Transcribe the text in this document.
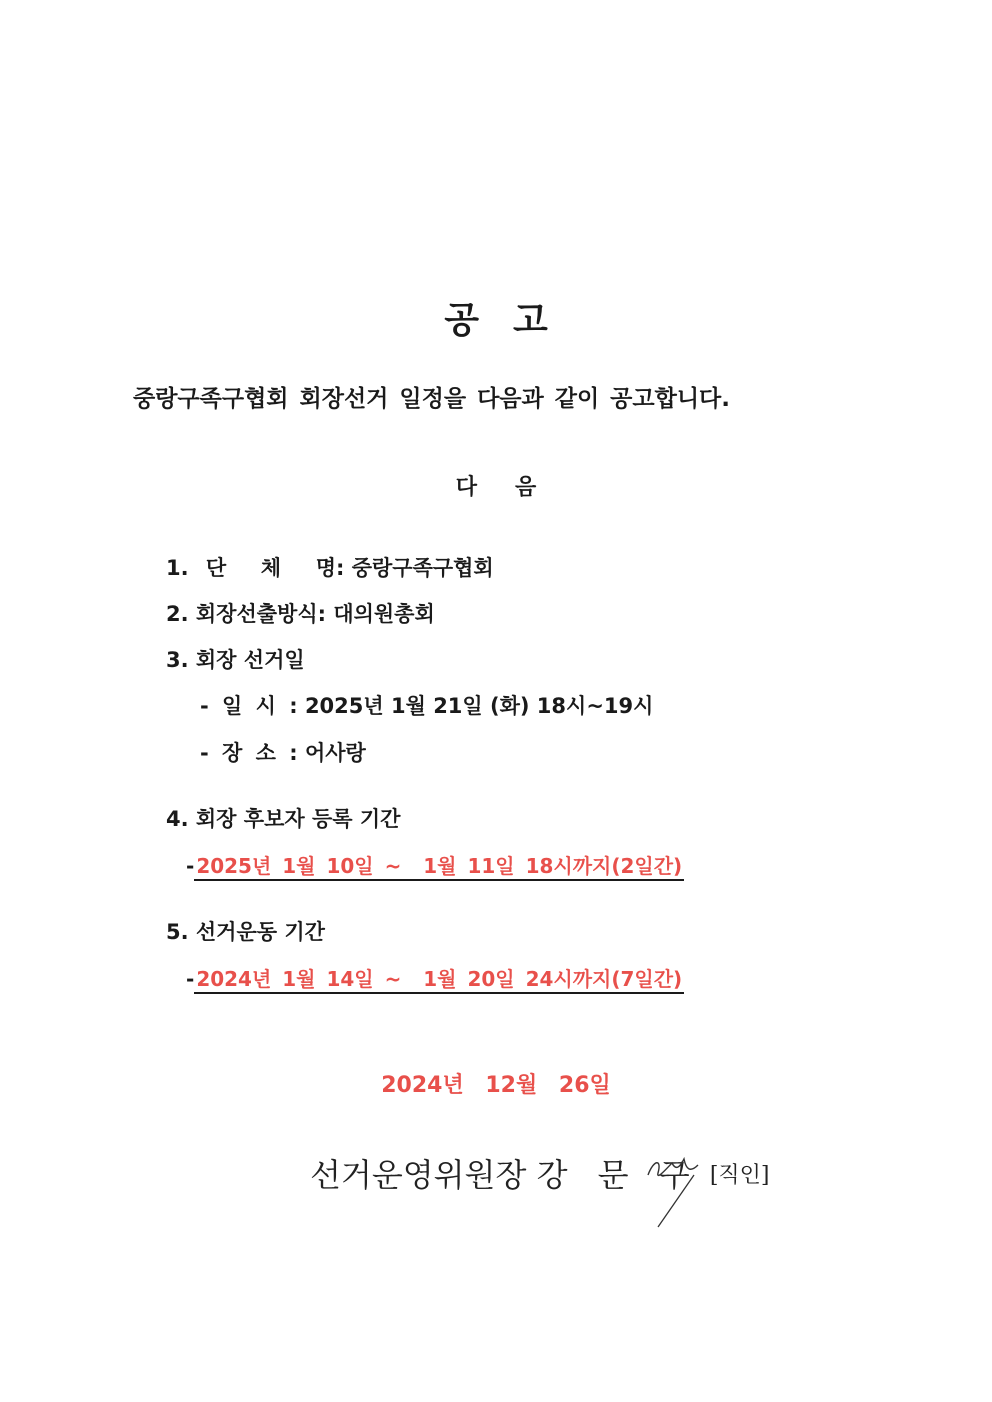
공고
중랑구족구협회 회장선거 일정을 다음과 같이 공고합니다.
다음
1. 단  체  명: 중랑구족구협회
2. 회장선출방식: 대의원총회
3. 회장 선거일
- 일 시 : 2025년 1월 21일 (화) 18시~19시
- 장 소 : 어사랑
4. 회장 후보자 등록 기간
- 2025년 1월 10일 ~  1월 11일 18시까지(2일간)
5. 선거운동 기간
- 2024년 1월 14일 ~  1월 20일 24시까지(7일간)
2024년 12월 26일
선거운영위원장 강 문 구 [직인]
